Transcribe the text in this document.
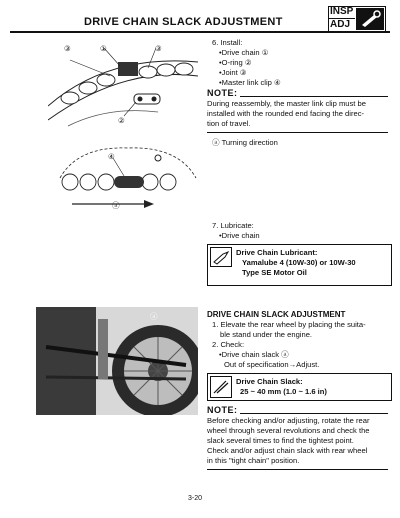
DRIVE CHAIN SLACK ADJUSTMENT
INSP
ADJ
③	①	③
②
④
ⓐ
6. Install:
•Drive chain ①
•O-ring ②
•Joint ③
•Master link clip ④
NOTE:
During reassembly, the master link clip must be
installed with the rounded end facing the direc-
tion of travel.
ⓐ Turning direction
7. Lubricate:
•Drive chain
Drive Chain Lubricant:
Yamalube 4 (10W-30) or 10W-30
Type SE Motor Oil
ⓐ	DRIVE CHAIN SLACK ADJUSTMENT
1. Elevate the rear wheel by placing the suita-
ble stand under the engine.
2. Check:
•Drive chain slack ⓐ
Out of specification→Adjust.
Drive Chain Slack:
25 ~ 40 mm (1.0 ~ 1.6 in)
NOTE:
Before checking and/or adjusting, rotate the rear
wheel through several revolutions and check the
slack several times to find the tightest point.
Check and/or adjust chain slack with rear wheel
in this "tight chain" position.
3-20
